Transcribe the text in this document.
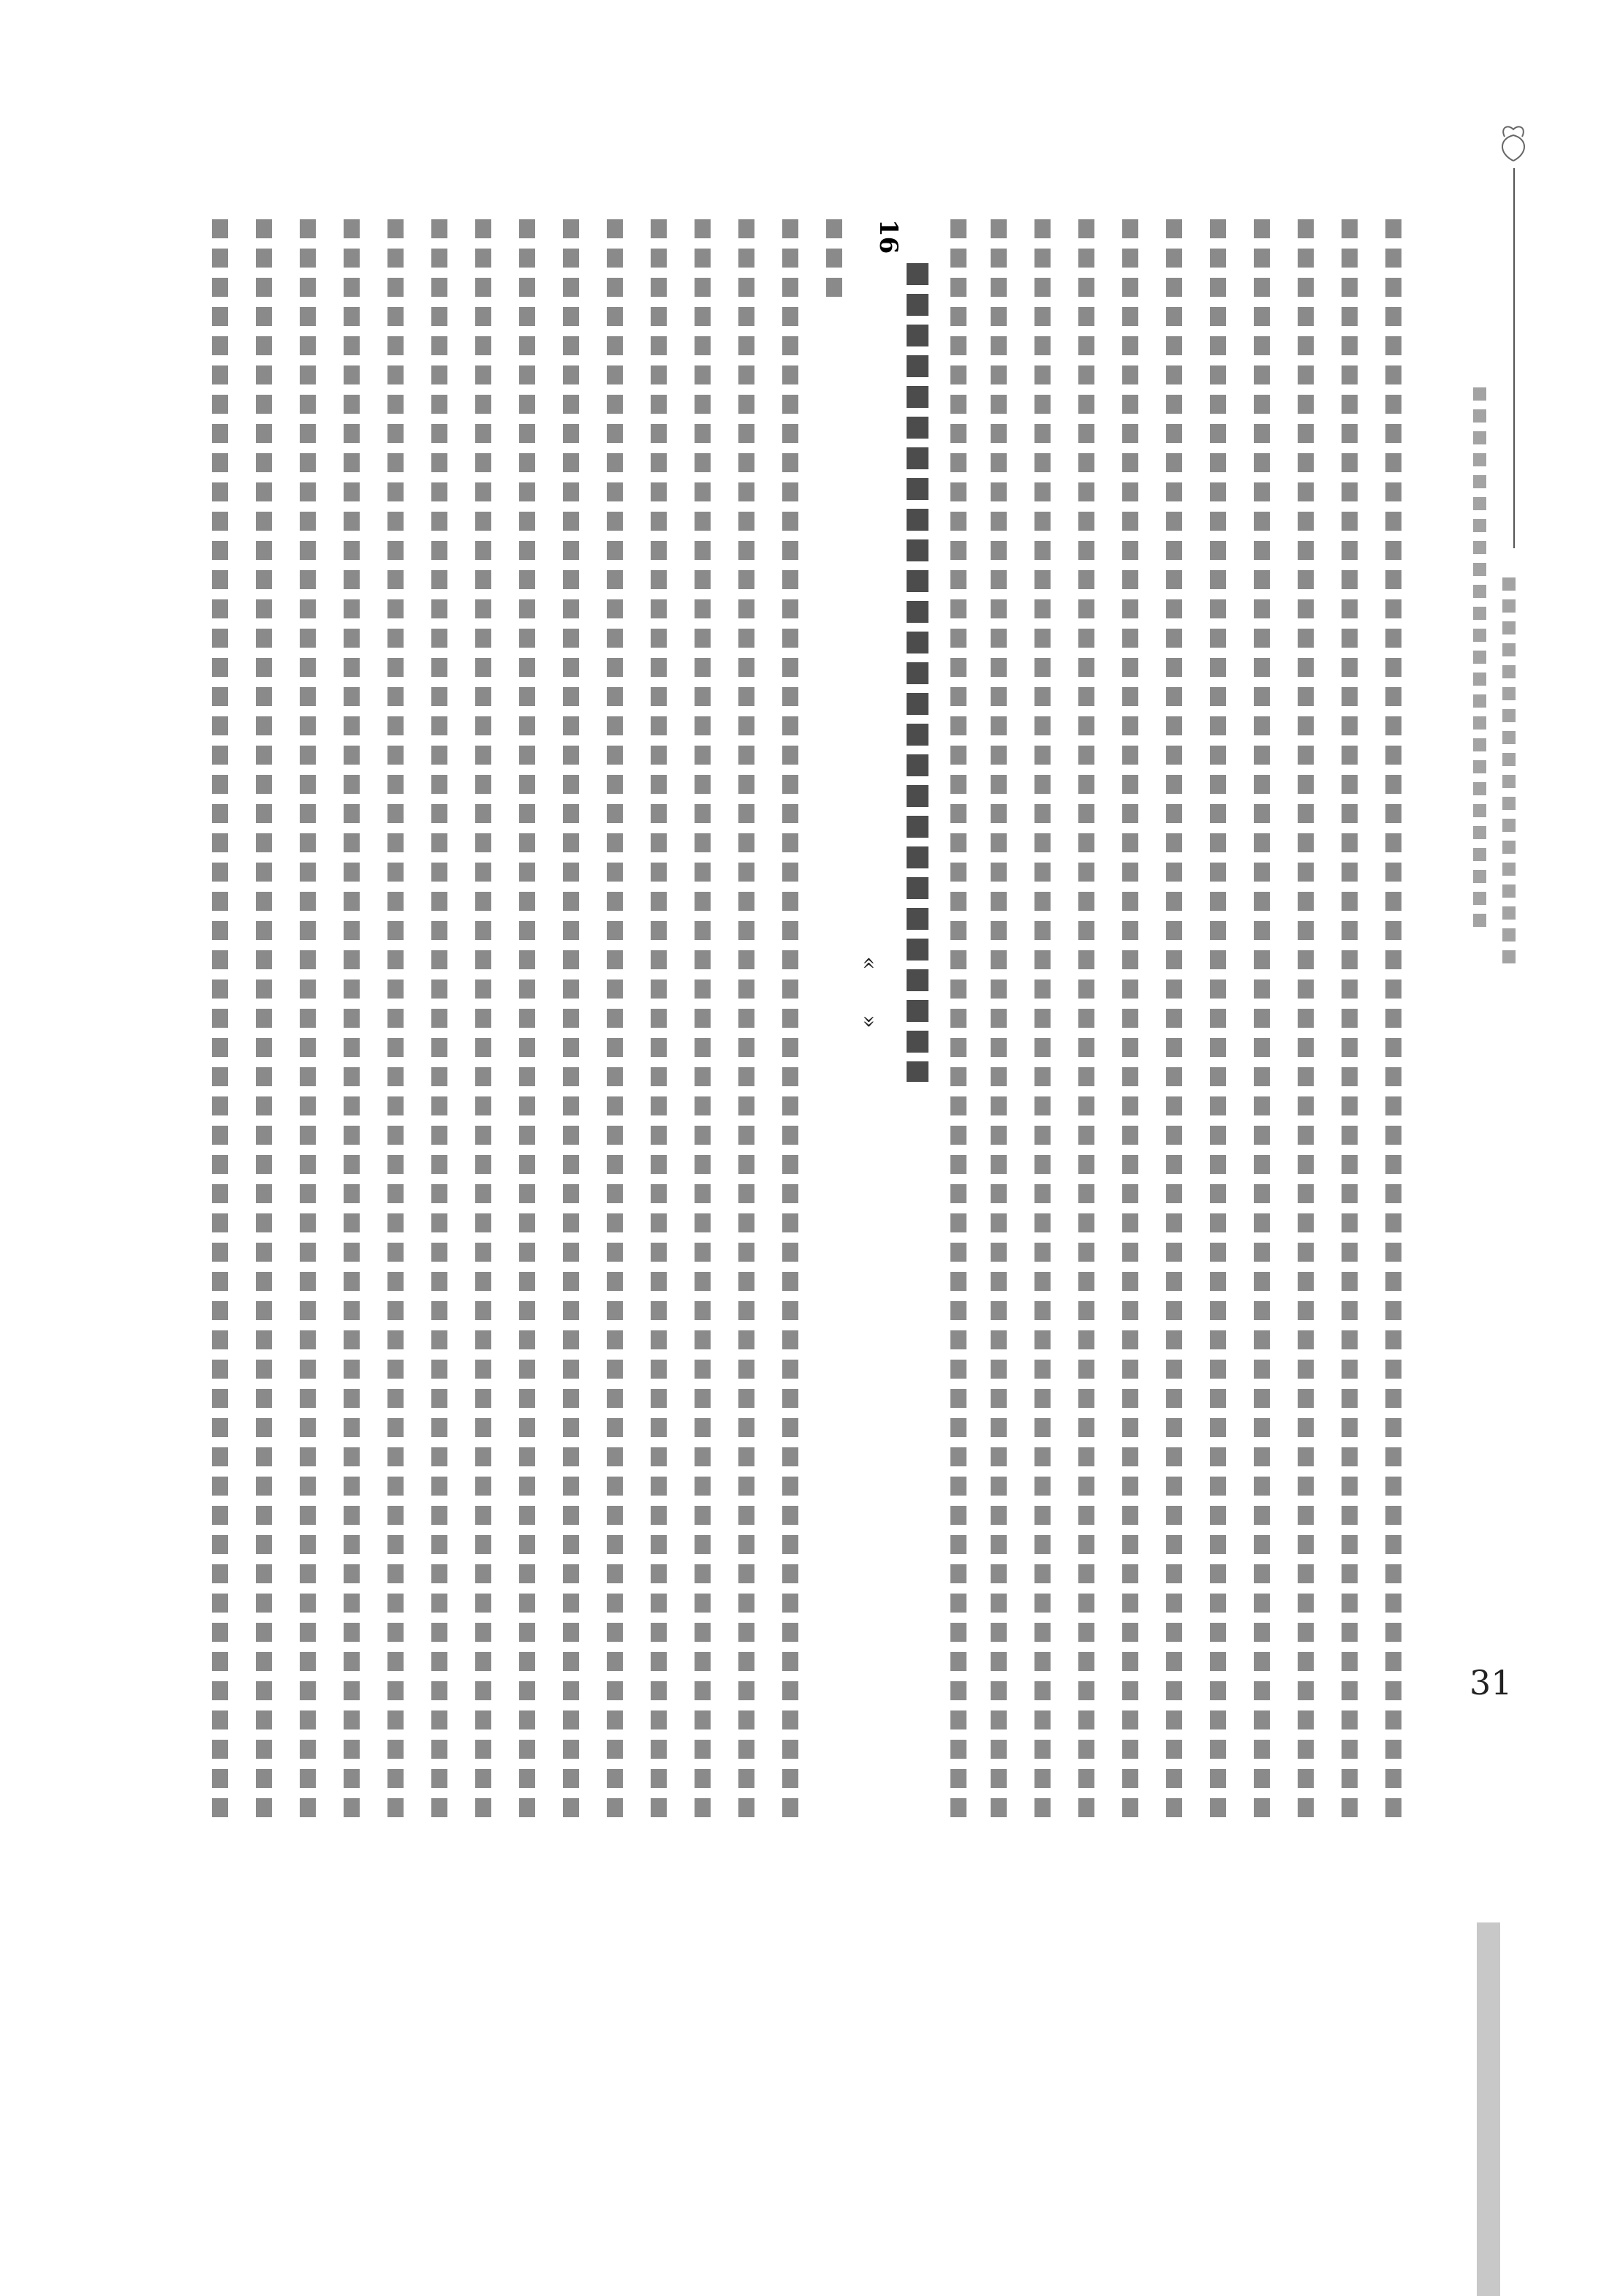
16
«
»
31
